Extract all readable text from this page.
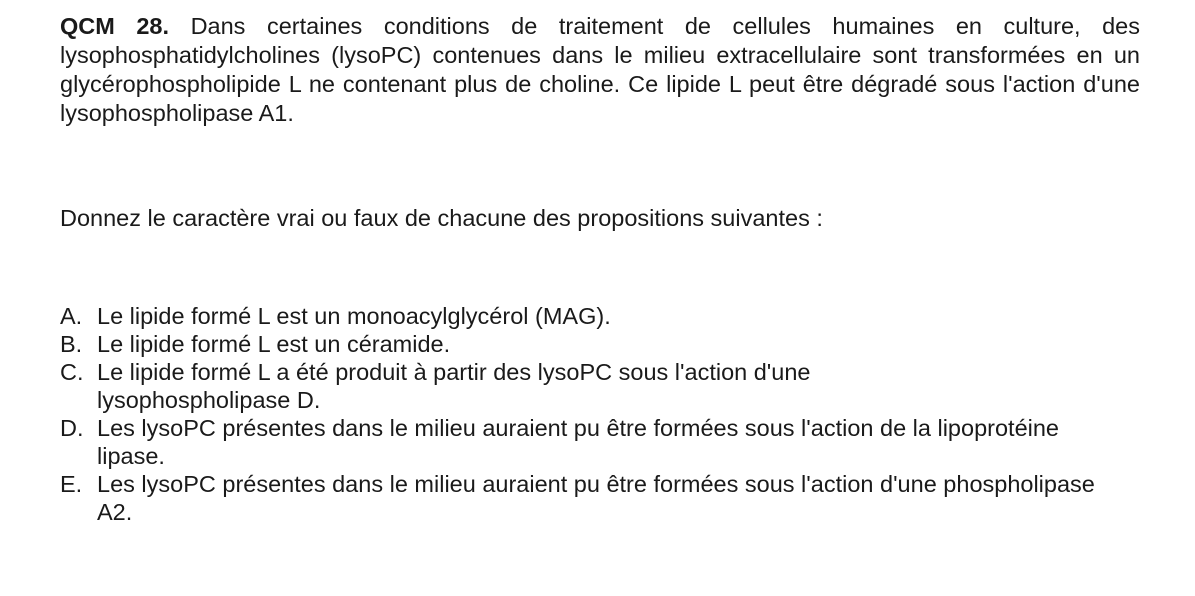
QCM 28. Dans certaines conditions de traitement de cellules humaines en culture, des lysophosphatidylcholines (lysoPC) contenues dans le milieu extracellulaire sont transformées en un glycérophospholipide L ne contenant plus de choline. Ce lipide L peut être dégradé sous l'action d'une lysophospholipase A1.

Donnez le caractère vrai ou faux de chacune des propositions suivantes :

A. Le lipide formé L est un monoacylglycérol (MAG).
B. Le lipide formé L est un céramide.
C. Le lipide formé L a été produit à partir des lysoPC sous l'action d'une lysophospholipase D.
D. Les lysoPC présentes dans le milieu auraient pu être formées sous l'action de la lipoprotéine lipase.
E. Les lysoPC présentes dans le milieu auraient pu être formées sous l'action d'une phospholipase A2.
